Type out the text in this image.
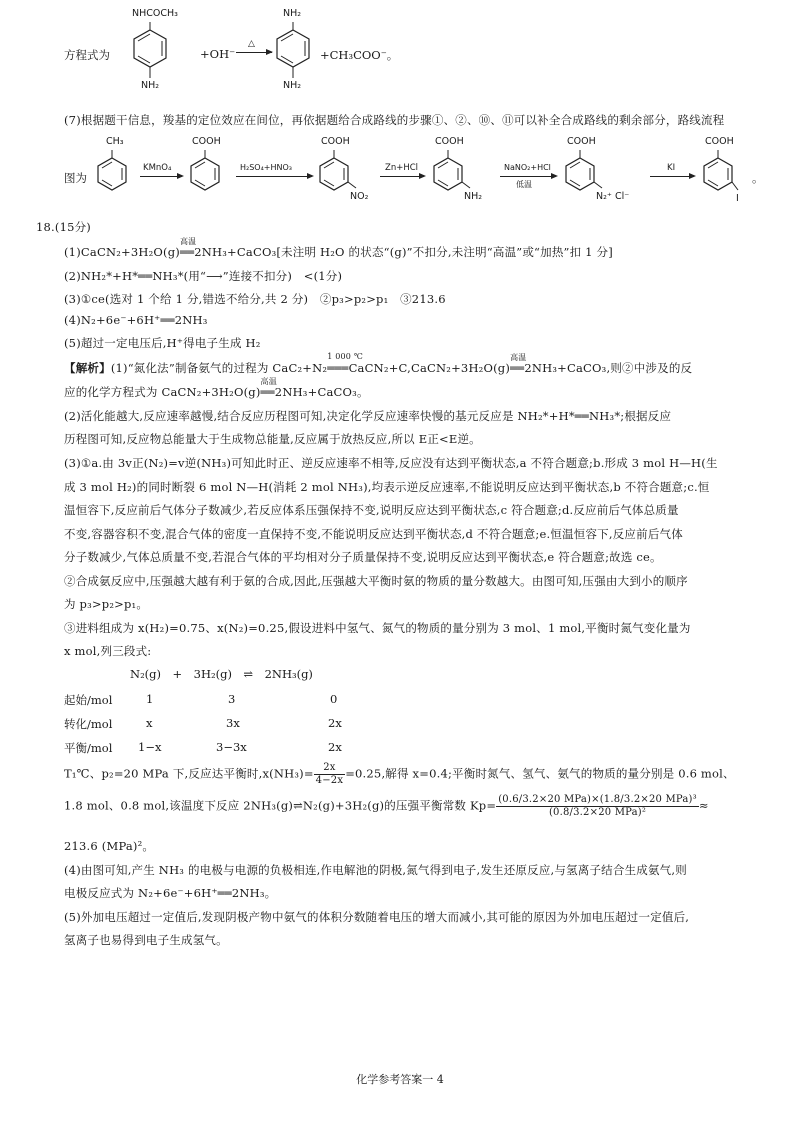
方程式为
NHCOCH₃
NH₂
+OH⁻
△
NH₂
NH₂
+CH₃COO⁻。
(7)根据题干信息，羧基的定位效应在间位，再依据题给合成路线的步骤①、②、⑩、⑪可以补全合成路线的剩余部分，路线流程
图为
CH₃
KMnO₄
COOH
H₂SO₄+HNO₃
COOH
NO₂
Zn+HCl
COOH
NH₂
NaNO₂+HCl
低温
COOH
N₂⁺ Cl⁻
KI
COOH
I
。
18.(15分)
(1)CaCN₂+3H₂O(g)
高温
══2NH₃+CaCO₃[未注明 H₂O 的状态“(g)”不扣分,未注明“高温”或“加热”扣 1 分]
(2)NH₂*+H*══NH₃*(用“⟶”连接不扣分)　<(1分)
(3)①ce(选对 1 个给 1 分,错选不给分,共 2 分)　②p₃>p₂>p₁　③213.6
(4)N₂+6e⁻+6H⁺══2NH₃
(5)超过一定电压后,H⁺得电子生成 H₂
【解析】(1)“氮化法”制备氨气的过程为 CaC₂+N₂
1 000 ℃
═══CaCN₂+C,CaCN₂+3H₂O(g)
高温
══2NH₃+CaCO₃,则②中涉及的反
应的化学方程式为 CaCN₂+3H₂O(g)
高温
══2NH₃+CaCO₃。
(2)活化能越大,反应速率越慢,结合反应历程图可知,决定化学反应速率快慢的基元反应是 NH₂*+H*══NH₃*;根据反应
历程图可知,反应物总能量大于生成物总能量,反应属于放热反应,所以 E正<E逆。
(3)①a.由 3v正(N₂)=v逆(NH₃)可知此时正、逆反应速率不相等,反应没有达到平衡状态,a 不符合题意;b.形成 3 mol H—H(生
成 3 mol H₂)的同时断裂 6 mol N—H(消耗 2 mol NH₃),均表示逆反应速率,不能说明反应达到平衡状态,b 不符合题意;c.恒
温恒容下,反应前后气体分子数减少,若反应体系压强保持不变,说明反应达到平衡状态,c 符合题意;d.反应前后气体总质量
不变,容器容积不变,混合气体的密度一直保持不变,不能说明反应达到平衡状态,d 不符合题意;e.恒温恒容下,反应前后气体
分子数减少,气体总质量不变,若混合气体的平均相对分子质量保持不变,说明反应达到平衡状态,e 符合题意;故选 ce。
②合成氨反应中,压强越大越有利于氨的合成,因此,压强越大平衡时氨的物质的量分数越大。由图可知,压强由大到小的顺序
为 p₃>p₂>p₁。
③进料组成为 x(H₂)=0.75、x(N₂)=0.25,假设进料中氢气、氮气的物质的量分别为 3 mol、1 mol,平衡时氮气变化量为
x mol,列三段式:
N₂(g)　+　3H₂(g)　⇌　2NH₃(g)
起始/mol	1	3	0
转化/mol	x	3x	2x
平衡/mol 1−x	3−3x	2x
T₁℃、p₂=20 MPa 下,反应达平衡时$,x(NH_3)= \frac{2x}{4-2x} =0.25$,解得 x=0.4;平衡时氮气、氢气、氨气的物质的量分别是 0.6 mol、
1.8 mol、0.8 mol,该温度下反应 2NH₃(g)⇌N₂(g)+3H₂(g)的压强平衡常数 $Kp= \frac{\text{(0.6/3.2×20 MPa)×(1.8/3.2×20 MPa)³}}{\text{(0.8/3.2×20 MPa)²}}$ ≈
213.6 (MPa)²。
(4)由图可知,产生 NH₃ 的电极与电源的负极相连,作电解池的阴极,氮气得到电子,发生还原反应,与氢离子结合生成氨气,则
电极反应式为 N₂+6e⁻+6H⁺══2NH₃。
(5)外加电压超过一定值后,发现阴极产物中氨气的体积分数随着电压的增大而减小,其可能的原因为外加电压超过一定值后,
氢离子也易得到电子生成氢气。
化学参考答案一 4
